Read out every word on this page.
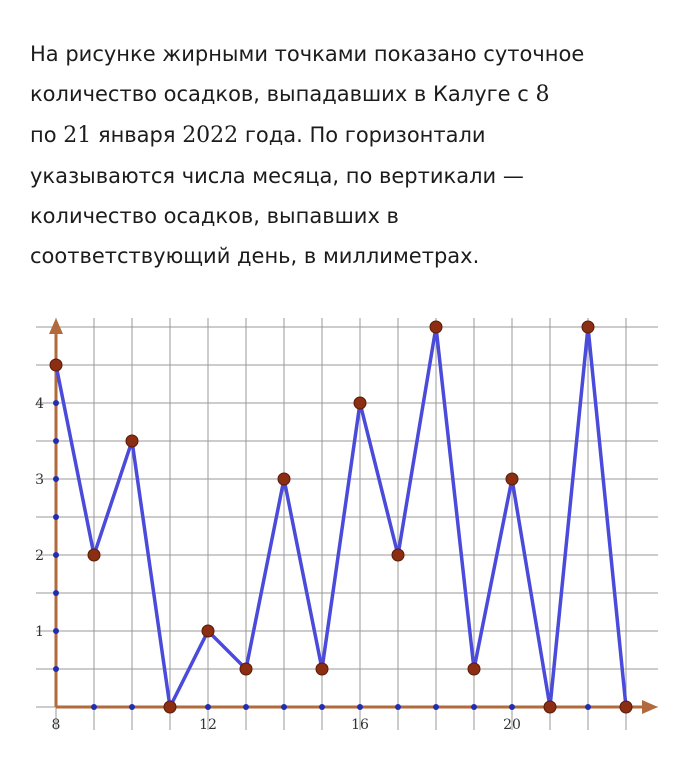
На рисунке жирными точками показано суточное
количество осадков, выпадавших в Калуге с 8
по 21 января 2022 года. По горизонтали
указываются числа месяца, по вертикали —
количество осадков, выпавших в
соответствующий день, в миллиметрах.
8	12	16	20
1
2
3
4
